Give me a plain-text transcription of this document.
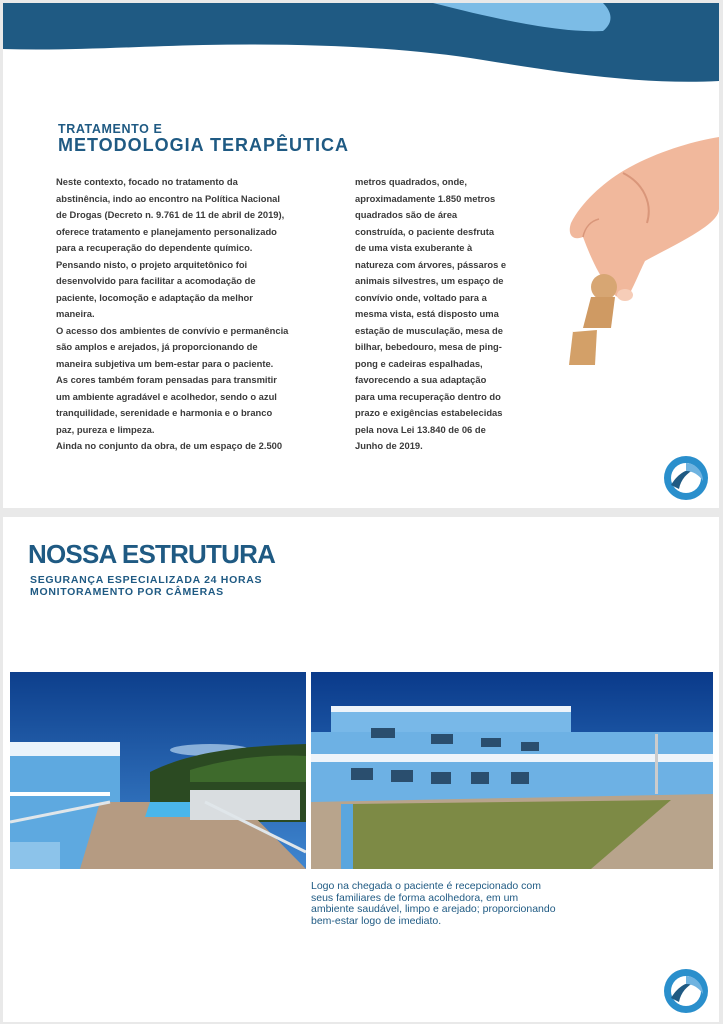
TRATAMENTO E
METODOLOGIA TERAPÊUTICA

Neste contexto, focado no tratamento da

abstinência, indo ao encontro na Política Nacional

de Drogas (Decreto n. 9.761 de 11 de abril de 2019),

oferece tratamento e planejamento personalizado

para a recuperação do dependente químico.

Pensando nisto, o projeto arquitetônico foi

desenvolvido para facilitar a acomodação de

paciente, locomoção e adaptação da melhor

maneira.

O acesso dos ambientes de convívio e permanência

são amplos e arejados, já proporcionando de

maneira subjetiva um bem-estar para o paciente.

As cores também foram pensadas para transmitir

um ambiente agradável e acolhedor, sendo o azul

tranquilidade, serenidade e harmonia e o branco

paz, pureza e limpeza.

Ainda no conjunto da obra, de um espaço de 2.500

metros quadrados, onde,

aproximadamente 1.850 metros

quadrados são de área

construída, o paciente desfruta

de uma vista exuberante à

natureza com árvores, pássaros e

animais silvestres, um espaço de

convívio onde, voltado para a

mesma vista, está disposto uma

estação de musculação, mesa de

bilhar, bebedouro, mesa de ping-

pong e cadeiras espalhadas,

favorecendo a sua adaptação

para uma recuperação dentro do

prazo e exigências estabelecidas

pela nova Lei 13.840 de 06 de

Junho de 2019.

NOSSA ESTRUTURA
SEGURANÇA ESPECIALIZADA 24 HORAS
MONITORAMENTO POR CÂMERAS

Logo na chegada o paciente é recepcionado com

seus familiares de forma acolhedora, em um

ambiente saudável, limpo e arejado; proporcionando

bem-estar logo de imediato.
